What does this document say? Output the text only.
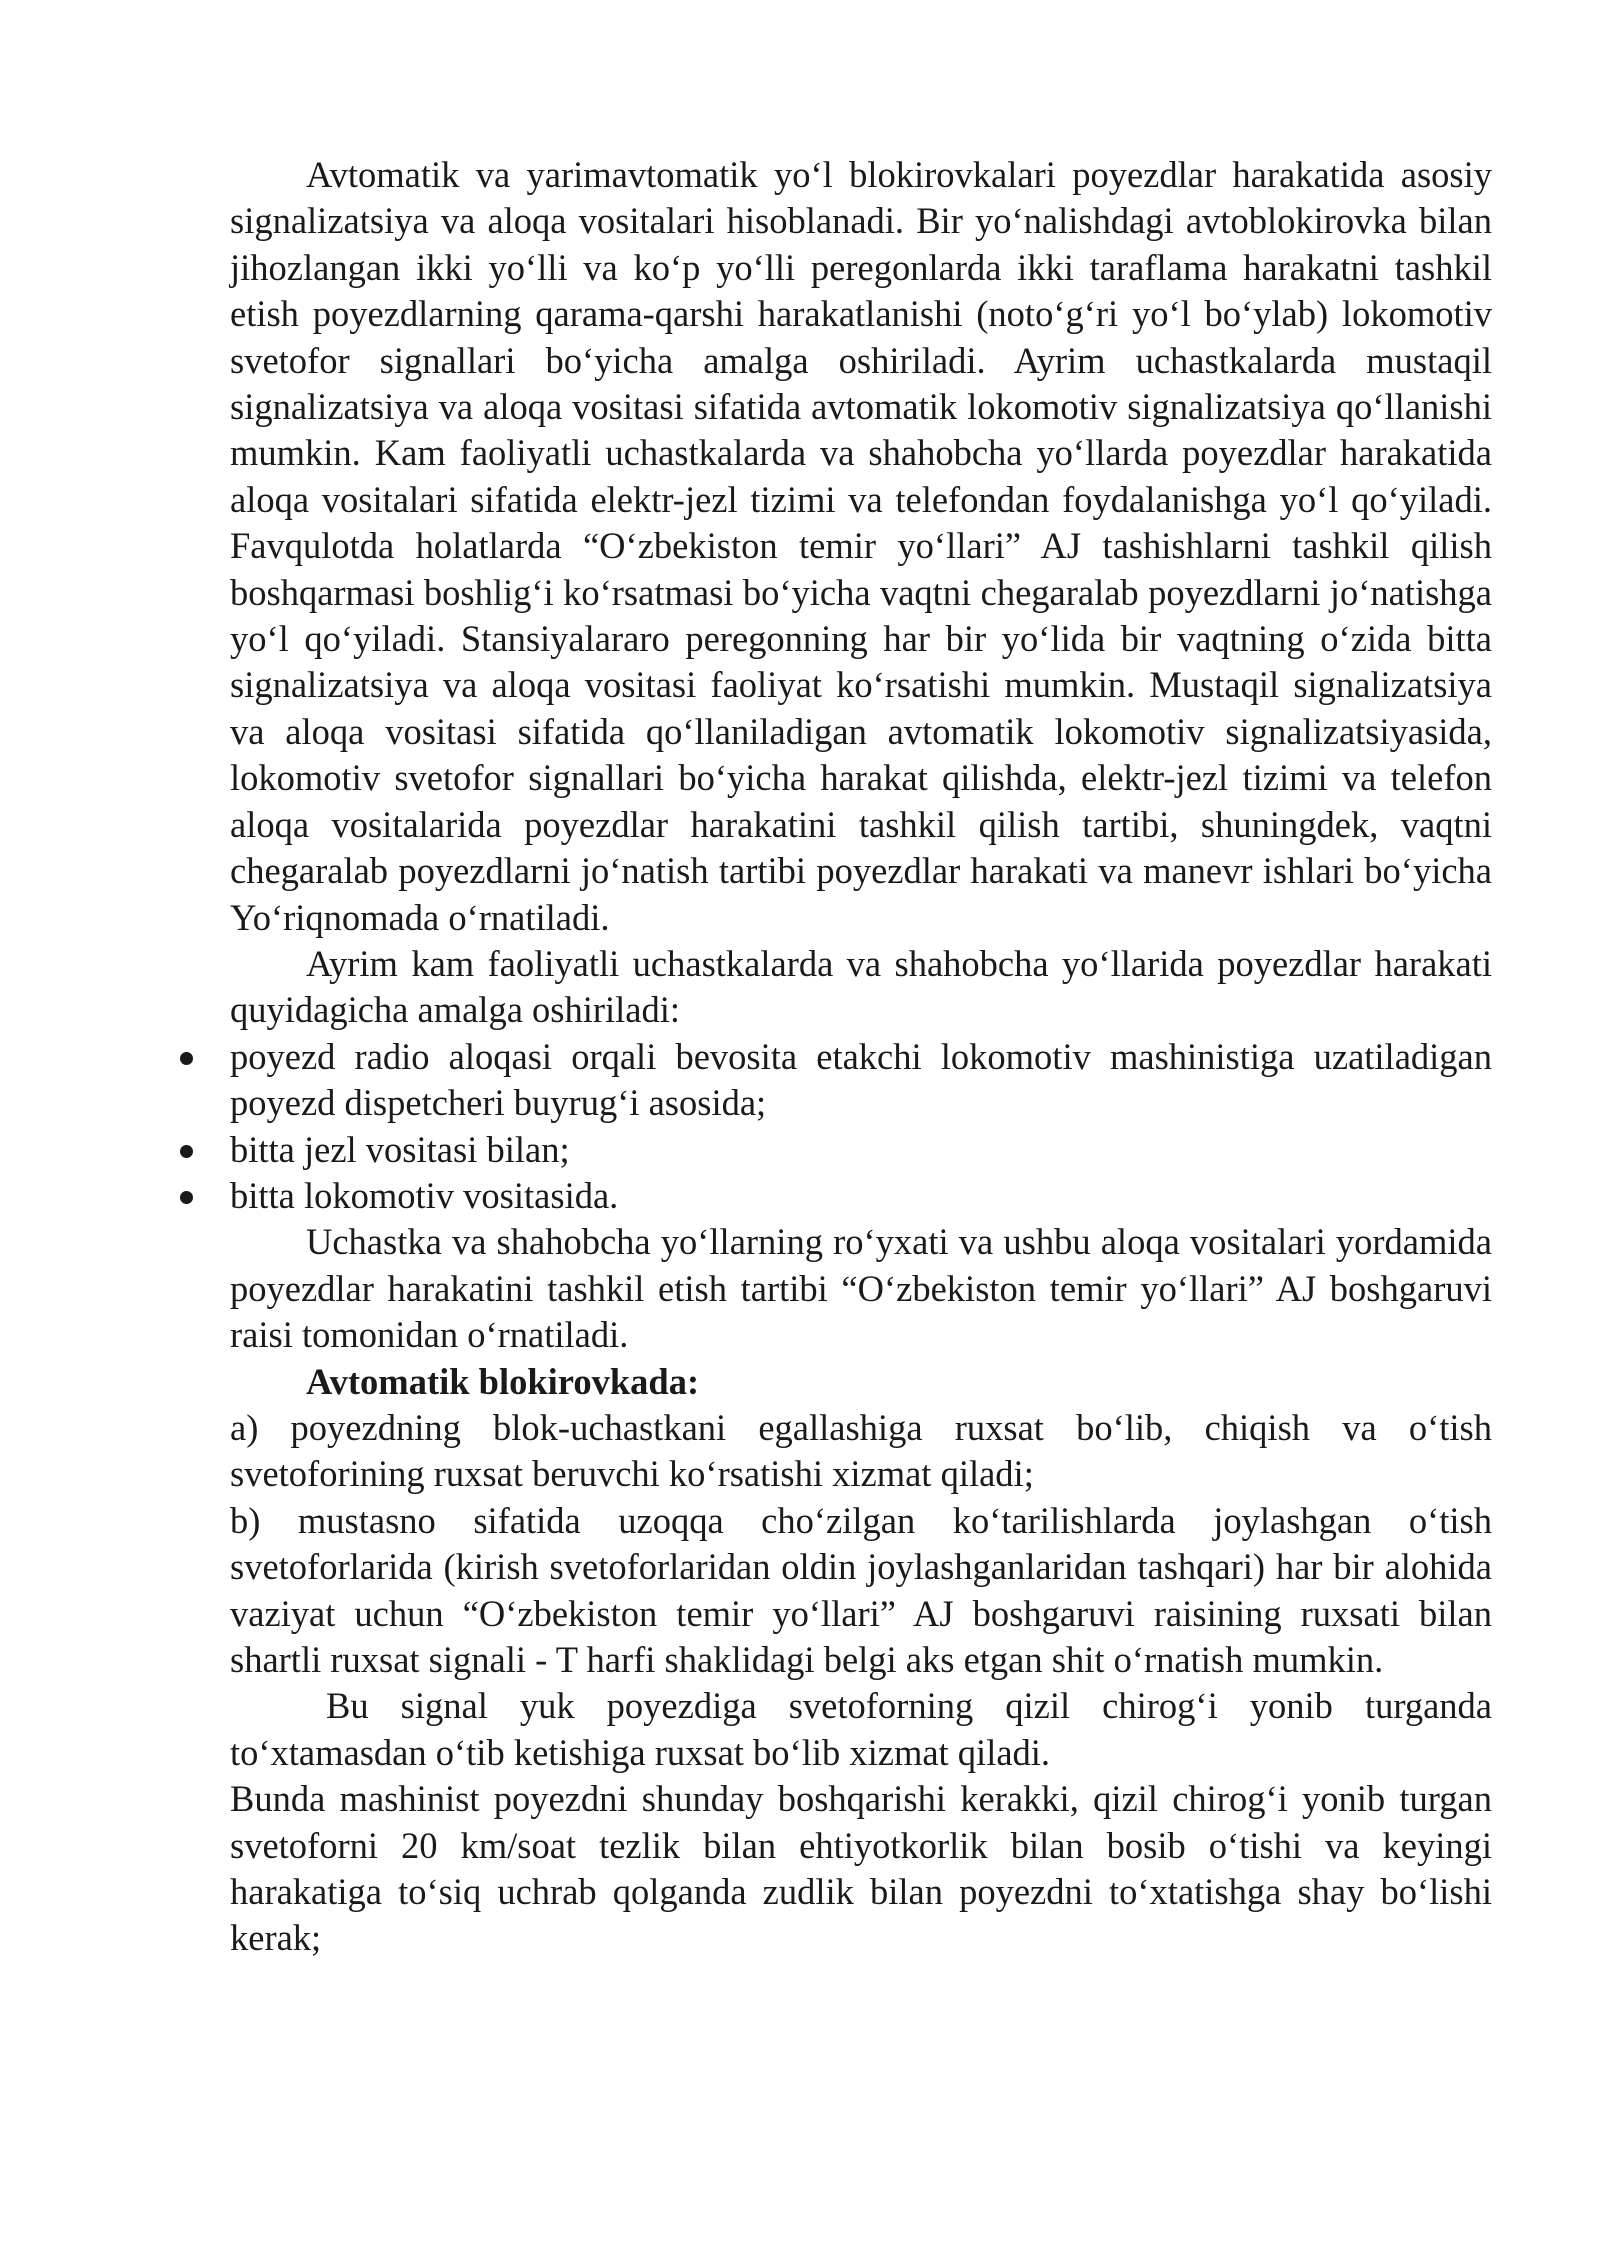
Avtomatik va yarimavtomatik yo‘l blokirovkalari poyezdlar harakatida asosiy signalizatsiya va aloqa vositalari hisoblanadi. Bir yo‘nalishdagi avtoblokirovka bilan jihozlangan ikki yo‘lli va ko‘p yo‘lli peregonlarda ikki taraflama harakatni tashkil etish poyezdlarning qarama-qarshi harakatlanishi (noto‘g‘ri yo‘l bo‘ylab) lokomotiv svetofor signallari bo‘yicha amalga oshiriladi. Ayrim uchastkalarda mustaqil signalizatsiya va aloqa vositasi sifatida avtomatik lokomotiv signalizatsiya qo‘llanishi mumkin. Kam faoliyatli uchastkalarda va shahobcha yo‘llarda poyezdlar harakatida aloqa vositalari sifatida elektr-jezl tizimi va telefondan foydalanishga yo‘l qo‘yiladi. Favqulotda holatlarda “O‘zbekiston temir yo‘llari” AJ tashishlarni tashkil qilish boshqarmasi boshlig‘i ko‘rsatmasi bo‘yicha vaqtni chegaralab poyezdlarni jo‘natishga yo‘l qo‘yiladi. Stansiyalararo peregonning har bir yo‘lida bir vaqtning o‘zida bitta signalizatsiya va aloqa vositasi faoliyat ko‘rsatishi mumkin. Mustaqil signalizatsiya va aloqa vositasi sifatida qo‘llaniladigan avtomatik lokomotiv signalizatsiyasida, lokomotiv svetofor signallari bo‘yicha harakat qilishda, elektr-jezl tizimi va telefon aloqa vositalarida poyezdlar harakatini tashkil qilish tartibi, shuningdek, vaqtni chegaralab poyezdlarni jo‘natish tartibi poyezdlar harakati va manevr ishlari bo‘yicha Yo‘riqnomada o‘rnatiladi.

Ayrim kam faoliyatli uchastkalarda va shahobcha yo‘llarida poyezdlar harakati quyidagicha amalga oshiriladi:

poyezd radio aloqasi orqali bevosita etakchi lokomotiv mashinistiga uzatiladigan poyezd dispetcheri buyrug‘i asosida;
bitta jezl vositasi bilan;
bitta lokomotiv vositasida.

Uchastka va shahobcha yo‘llarning ro‘yxati va ushbu aloqa vositalari yordamida poyezdlar harakatini tashkil etish tartibi “O‘zbekiston temir yo‘llari” AJ boshgaruvi raisi tomonidan o‘rnatiladi.

Avtomatik blokirovkada:

a) poyezdning blok-uchastkani egallashiga ruxsat bo‘lib, chiqish va o‘tish svetoforining ruxsat beruvchi ko‘rsatishi xizmat qiladi;

b) mustasno sifatida uzoqqa cho‘zilgan ko‘tarilishlarda joylashgan o‘tish svetoforlarida (kirish svetoforlaridan oldin joylashganlaridan tashqari) har bir alohida vaziyat uchun “O‘zbekiston temir yo‘llari” AJ boshgaruvi raisining ruxsati bilan shartli ruxsat signali - T harfi shaklidagi belgi aks etgan shit o‘rnatish mumkin.

Bu signal yuk poyezdiga svetoforning qizil chirog‘i yonib turganda to‘xtamasdan o‘tib ketishiga ruxsat bo‘lib xizmat qiladi.

Bunda mashinist poyezdni shunday boshqarishi kerakki, qizil chirog‘i yonib turgan svetoforni 20 km/soat tezlik bilan ehtiyotkorlik bilan bosib o‘tishi va keyingi harakatiga to‘siq uchrab qolganda zudlik bilan poyezdni to‘xtatishga shay bo‘lishi kerak;
